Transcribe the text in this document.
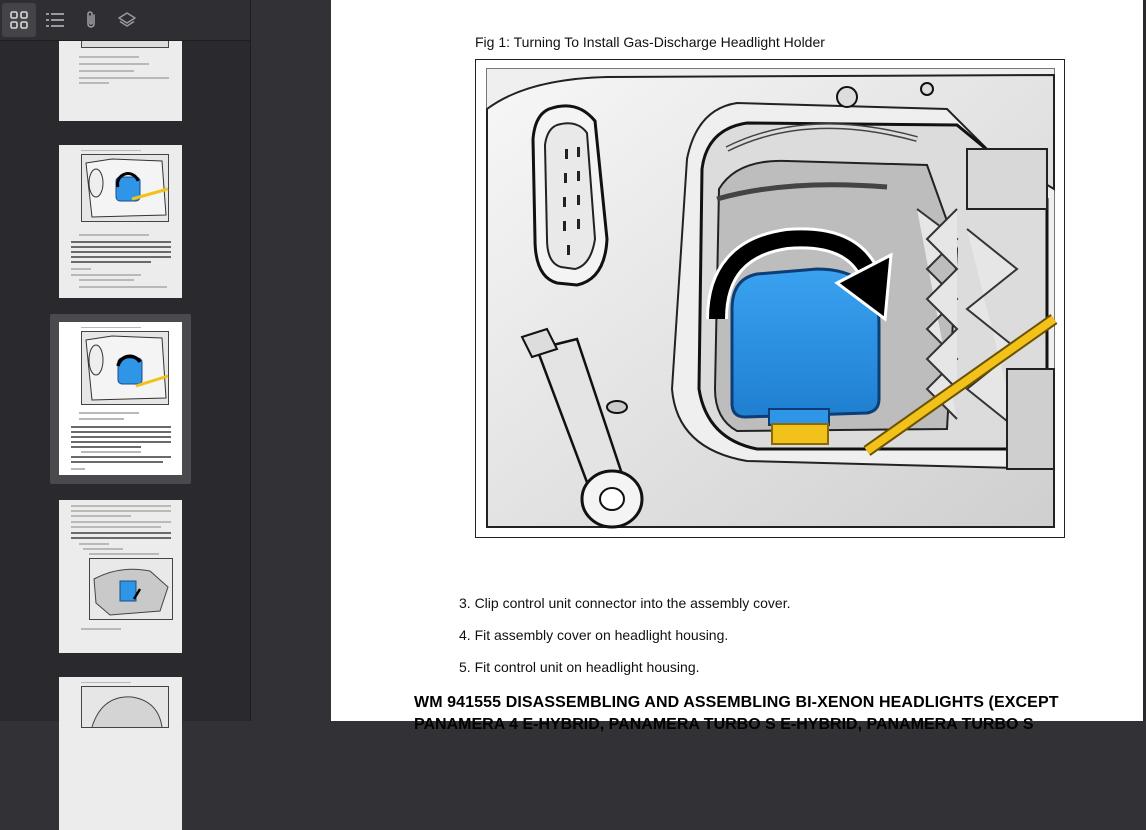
Fig 1: Turning To Install Gas-Discharge Headlight Holder
3. Clip control unit connector into the assembly cover.
4. Fit assembly cover on headlight housing.
5. Fit control unit on headlight housing.
WM 941555 DISASSEMBLING AND ASSEMBLING BI-XENON HEADLIGHTS (EXCEPT
PANAMERA 4 E-HYBRID, PANAMERA TURBO S E-HYBRID, PANAMERA TURBO S
